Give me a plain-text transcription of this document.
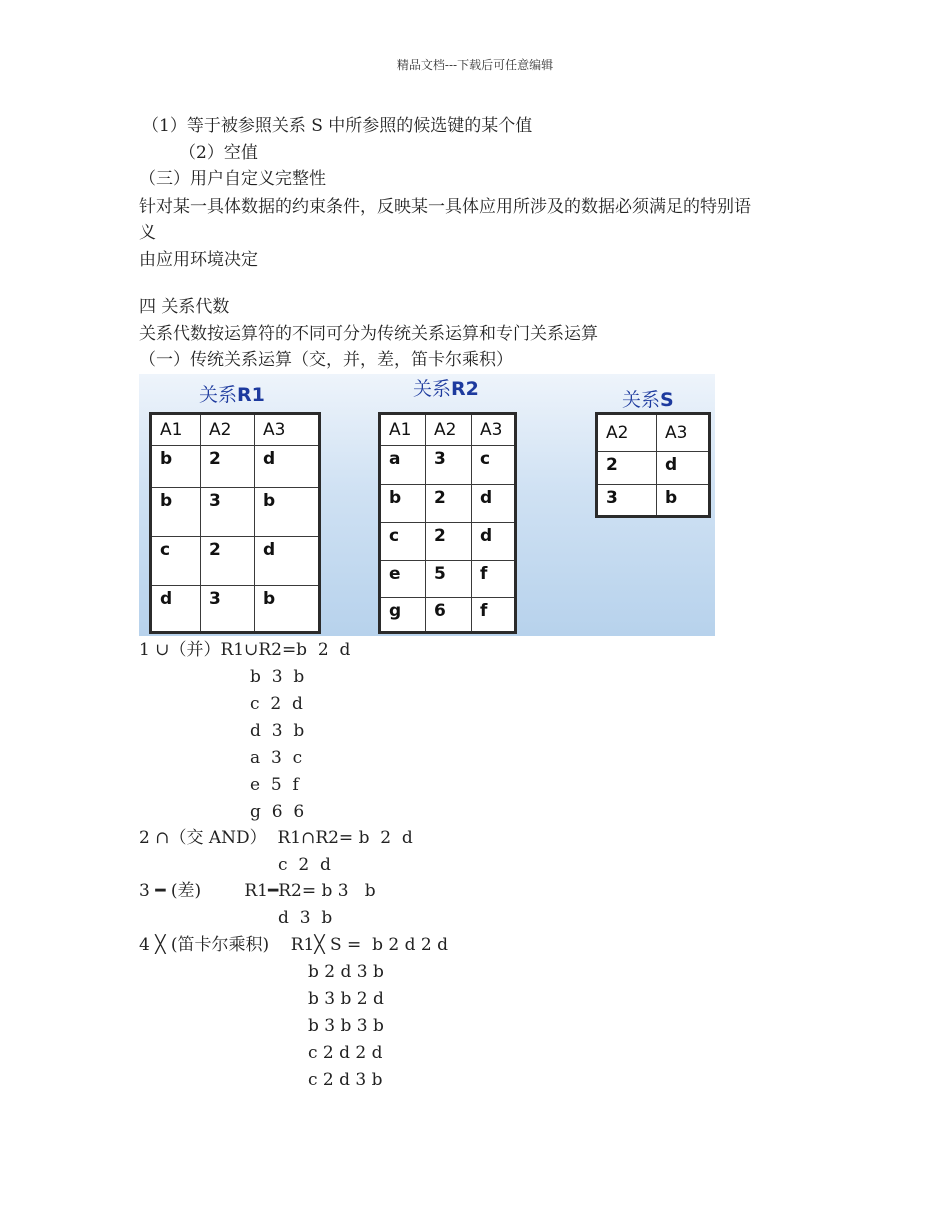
精品文档---下载后可任意编辑
（1）等于被参照关系 S 中所参照的候选键的某个值
（2）空值
（三）用户自定义完整性
针对某一具体数据的约束条件，反映某一具体应用所涉及的数据必须满足的特别语
义
由应用环境决定
四 关系代数
关系代数按运算符的不同可分为传统关系运算和专门关系运算
（一）传统关系运算（交，并，差，笛卡尔乘积）
关系R1
A1	A2	A3
b	2	d
b	3	b
c	2	d
d	3	b
关系R2
A1	A2	A3
a	3	c
b	2	d
c	2	d
e	5	f
g	6	f
关系S
A2	A3
2	d
3	b
1 ∪（并）R1∪R2=b  2  d
b  3  b
c  2  d
d  3  b
a  3  c
e  5  f
g  6  6
2 ∩（交 AND）  R1∩R2= b  2  d
c  2  d
3 ━ (差)        R1━R2= b 3   b
d  3  b
4 ╳ (笛卡尔乘积)    R1╳ S =  b 2 d 2 d
b 2 d 3 b
b 3 b 2 d
b 3 b 3 b
c 2 d 2 d
c 2 d 3 b
